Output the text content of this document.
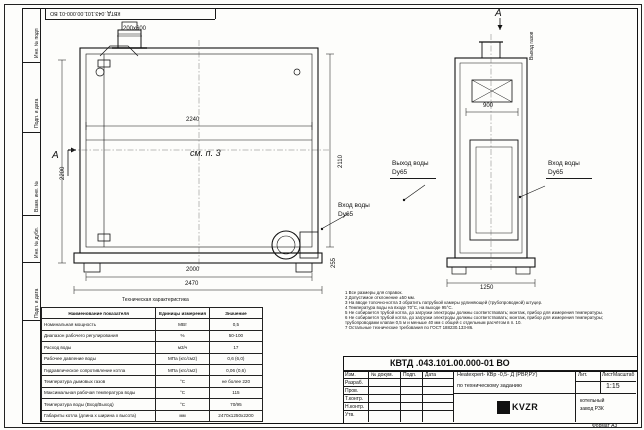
Инв. № подп
Подп. и дата
Взам. инв. №
Инв. № дубл.
Подп. и дата
КВТД .043.101.00.000-01 ВО
200x600
2240
2110
2200
2000
2470
255
900
1250
A
A
см. п. 3
Вход воды
Dy65
Выход воды
Dy65
Вход воды
Dy65
Выход газов
1 Все размеры для справок.
2 Допустимое отклонение ±50 мм.
3 На вводе топочно-котла 3 обратить патрубкой камеры удлиняющей (трубопроводной) штуцер.
4 Температура воды на входе 70°С, на выходе 95°С.
5 Не собирается трубой котла, до загрузки электроды должны соответствовать; монтаж, прибор для измерения температуры.
6 Не собирается трубой котла, до загрузки электроды должны соответствовать; монтаж, прибор для измерения температуры;
трубопроводами клапан 0,5 м и меньше 40 мм с общей с отдельным расчётом в п. 10.
7 Остальные технические требования по ГОСТ 188230.133-86.
Техническая характеристика
Наименование показателя	Единицы измерения	Значение
Номинальная мощность	МВт	0,5
Диапазон рабочего регулирования	%	50-100
Расход воды	м3/ч	17
Рабочее давление воды	МПа (кгс/см2)	0,6 (6,0)
Гидравлическое сопротивление котла	МПа (кгс/см2)	0,06 (0,6)
Температура дымовых газов	°С	не более 220
Максимальная рабочая температура воды	°С	115
Температура воды (Вход/Выход)	°С	70/95
Габариты котла (длина х ширина х высота)	мм	2470х1250х2200
КВТД .043.101.00.000-01 ВО
Изм.	№ докум. Подп. Дата
Разраб.
Пров.
Т.контр.
Н.контр.
Утв.
Heatexpert- КВр -0,5- Д (РВР,РУ)
по техническому заданию
Лит.	Лист Масштаб
1:15
котельный
завод РЗК
KVZR
Формат A3
